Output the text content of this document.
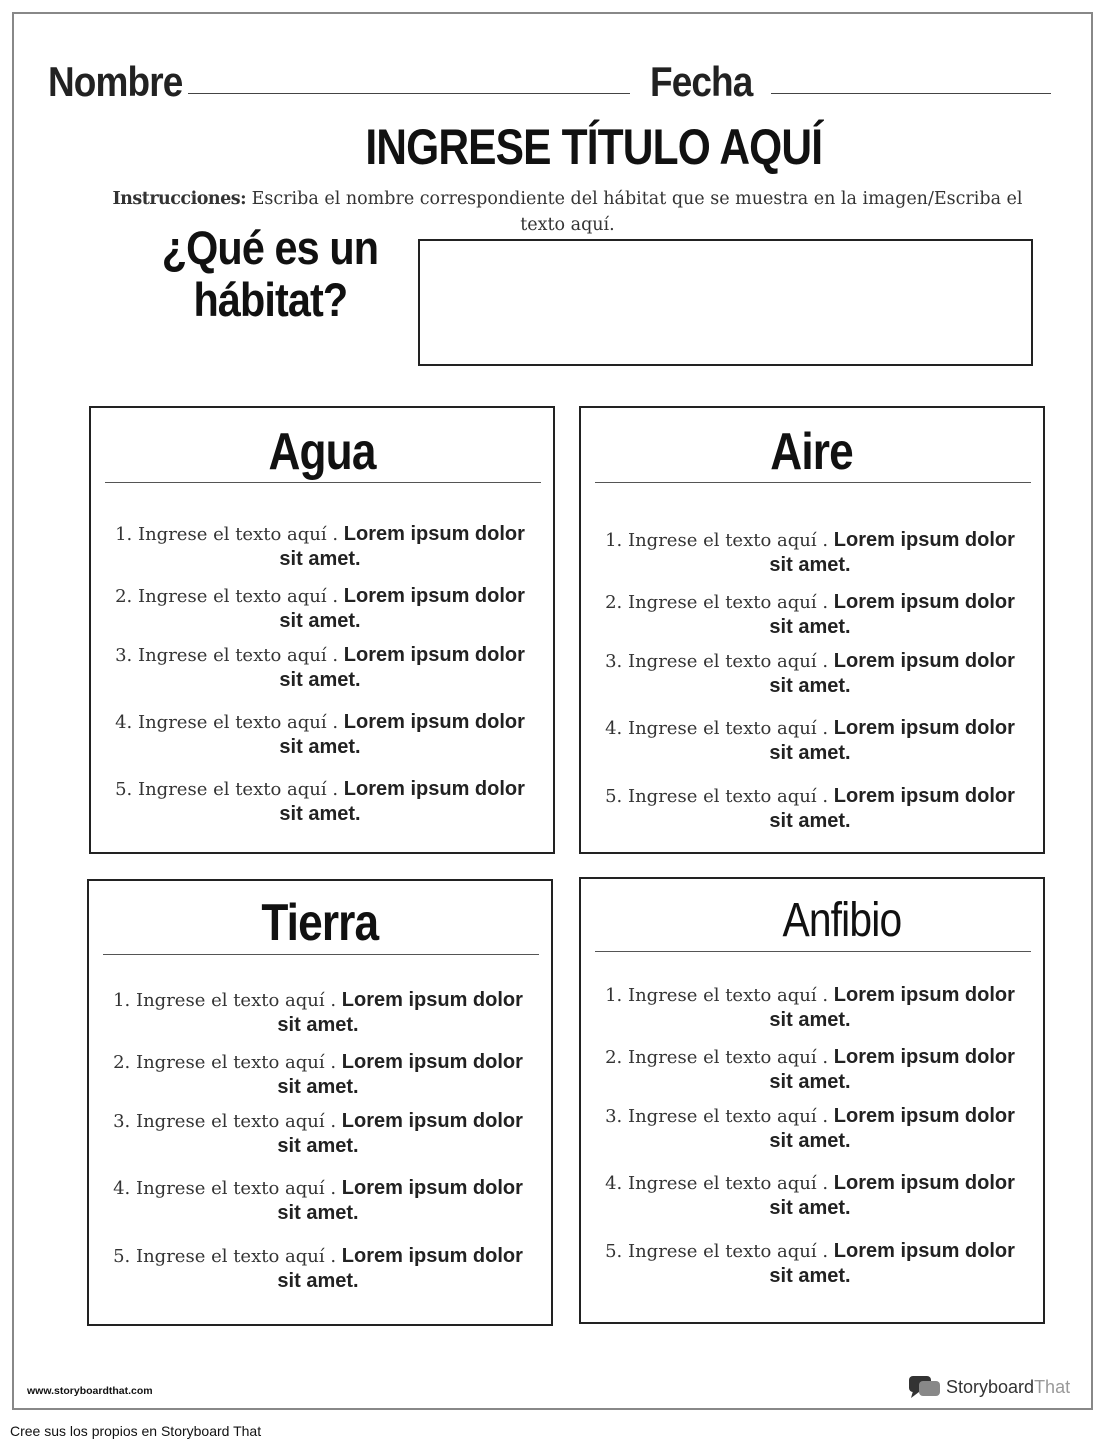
Nombre	Fecha
INGRESE TÍTULO AQUÍ
Instrucciones: Escriba el nombre correspondiente del hábitat que se muestra en la imagen/Escriba el texto aquí.
¿Qué es un
hábitat?
Agua
1. Ingrese el texto aquí . Lorem ipsum dolor sit amet.
2. Ingrese el texto aquí . Lorem ipsum dolor sit amet.
3. Ingrese el texto aquí . Lorem ipsum dolor sit amet.
4. Ingrese el texto aquí . Lorem ipsum dolor sit amet.
5. Ingrese el texto aquí . Lorem ipsum dolor sit amet.
Aire
1. Ingrese el texto aquí . Lorem ipsum dolor sit amet.
2. Ingrese el texto aquí . Lorem ipsum dolor sit amet.
3. Ingrese el texto aquí . Lorem ipsum dolor sit amet.
4. Ingrese el texto aquí . Lorem ipsum dolor sit amet.
5. Ingrese el texto aquí . Lorem ipsum dolor sit amet.
Tierra
1. Ingrese el texto aquí . Lorem ipsum dolor sit amet.
2. Ingrese el texto aquí . Lorem ipsum dolor sit amet.
3. Ingrese el texto aquí . Lorem ipsum dolor sit amet.
4. Ingrese el texto aquí . Lorem ipsum dolor sit amet.
5. Ingrese el texto aquí . Lorem ipsum dolor sit amet.
Anfibio
1. Ingrese el texto aquí . Lorem ipsum dolor sit amet.
2. Ingrese el texto aquí . Lorem ipsum dolor sit amet.
3. Ingrese el texto aquí . Lorem ipsum dolor sit amet.
4. Ingrese el texto aquí . Lorem ipsum dolor sit amet.
5. Ingrese el texto aquí . Lorem ipsum dolor sit amet.
www.storyboardthat.com	StoryboardThat
Cree sus los propios en Storyboard That
